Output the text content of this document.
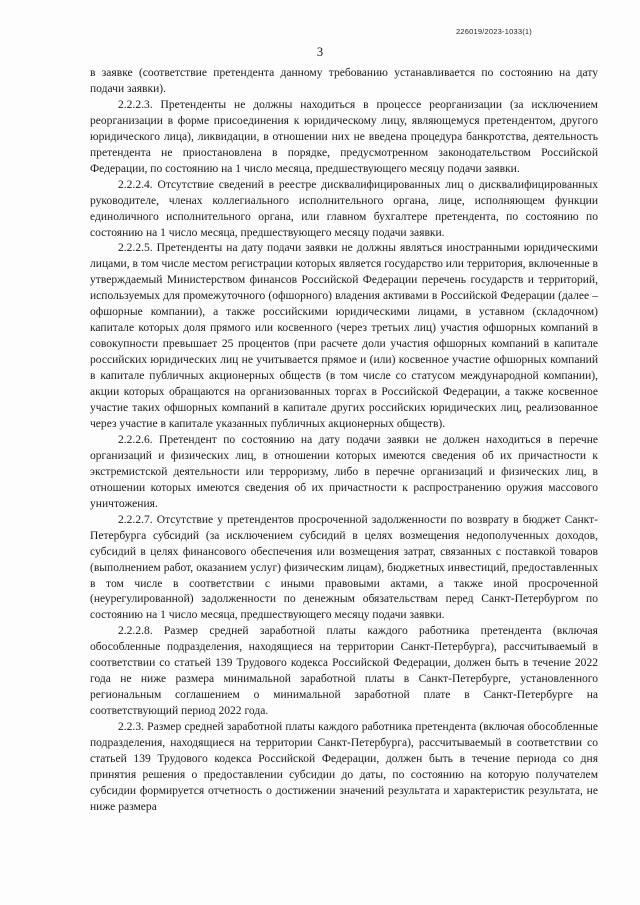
226019/2023-1033(1)
3

в заявке (соответствие претендента данному требованию устанавливается по состоянию на дату подачи заявки).

2.2.2.3. Претенденты не должны находиться в процессе реорганизации (за исключением реорганизации в форме присоединения к юридическому лицу, являющемуся претендентом, другого юридического лица), ликвидации, в отношении них не введена процедура банкротства, деятельность претендента не приостановлена в порядке, предусмотренном законодательством Российской Федерации, по состоянию на 1 число месяца, предшествующего месяцу подачи заявки.

2.2.2.4. Отсутствие сведений в реестре дисквалифицированных лиц о дисквалифицированных руководителе, членах коллегиального исполнительного органа, лице, исполняющем функции единоличного исполнительного органа, или главном бухгалтере претендента, по состоянию по состоянию на 1 число месяца, предшествующего месяцу подачи заявки.

2.2.2.5. Претенденты на дату подачи заявки не должны являться иностранными юридическими лицами, в том числе местом регистрации которых является государство или территория, включенные в утверждаемый Министерством финансов Российской Федерации перечень государств и территорий, используемых для промежуточного (офшорного) владения активами в Российской Федерации (далее – офшорные компании), а также российскими юридическими лицами, в уставном (складочном) капитале которых доля прямого или косвенного (через третьих лиц) участия офшорных компаний в совокупности превышает 25 процентов (при расчете доли участия офшорных компаний в капитале российских юридических лиц не учитывается прямое и (или) косвенное участие офшорных компаний в капитале публичных акционерных обществ (в том числе со статусом международной компании), акции которых обращаются на организованных торгах в Российской Федерации, а также косвенное участие таких офшорных компаний в капитале других российских юридических лиц, реализованное через участие в капитале указанных публичных акционерных обществ).

2.2.2.6. Претендент по состоянию на дату подачи заявки не должен находиться в перечне организаций и физических лиц, в отношении которых имеются сведения об их причастности к экстремистской деятельности или терроризму, либо в перечне организаций и физических лиц, в отношении которых имеются сведения об их причастности к распространению оружия массового уничтожения.

2.2.2.7. Отсутствие у претендентов просроченной задолженности по возврату в бюджет Санкт-Петербурга субсидий (за исключением субсидий в целях возмещения недополученных доходов, субсидий в целях финансового обеспечения или возмещения затрат, связанных с поставкой товаров (выполнением работ, оказанием услуг) физическим лицам), бюджетных инвестиций, предоставленных в том числе в соответствии с иными правовыми актами, а также иной просроченной (неурегулированной) задолженности по денежным обязательствам перед Санкт-Петербургом по состоянию на 1 число месяца, предшествующего месяцу подачи заявки.

2.2.2.8. Размер средней заработной платы каждого работника претендента (включая обособленные подразделения, находящиеся на территории Санкт-Петербурга), рассчитываемый в соответствии со статьей 139 Трудового кодекса Российской Федерации, должен быть в течение 2022 года не ниже размера минимальной заработной платы в Санкт-Петербурге, установленного региональным соглашением о минимальной заработной плате в Санкт-Петербурге на соответствующий период 2022 года.

2.2.3. Размер средней заработной платы каждого работника претендента (включая обособленные подразделения, находящиеся на территории Санкт-Петербурга), рассчитываемый в соответствии со статьей 139 Трудового кодекса Российской Федерации, должен быть в течение периода со дня принятия решения о предоставлении субсидии до даты, по состоянию на которую получателем субсидии формируется отчетность о достижении значений результата и характеристик результата, не ниже размера
